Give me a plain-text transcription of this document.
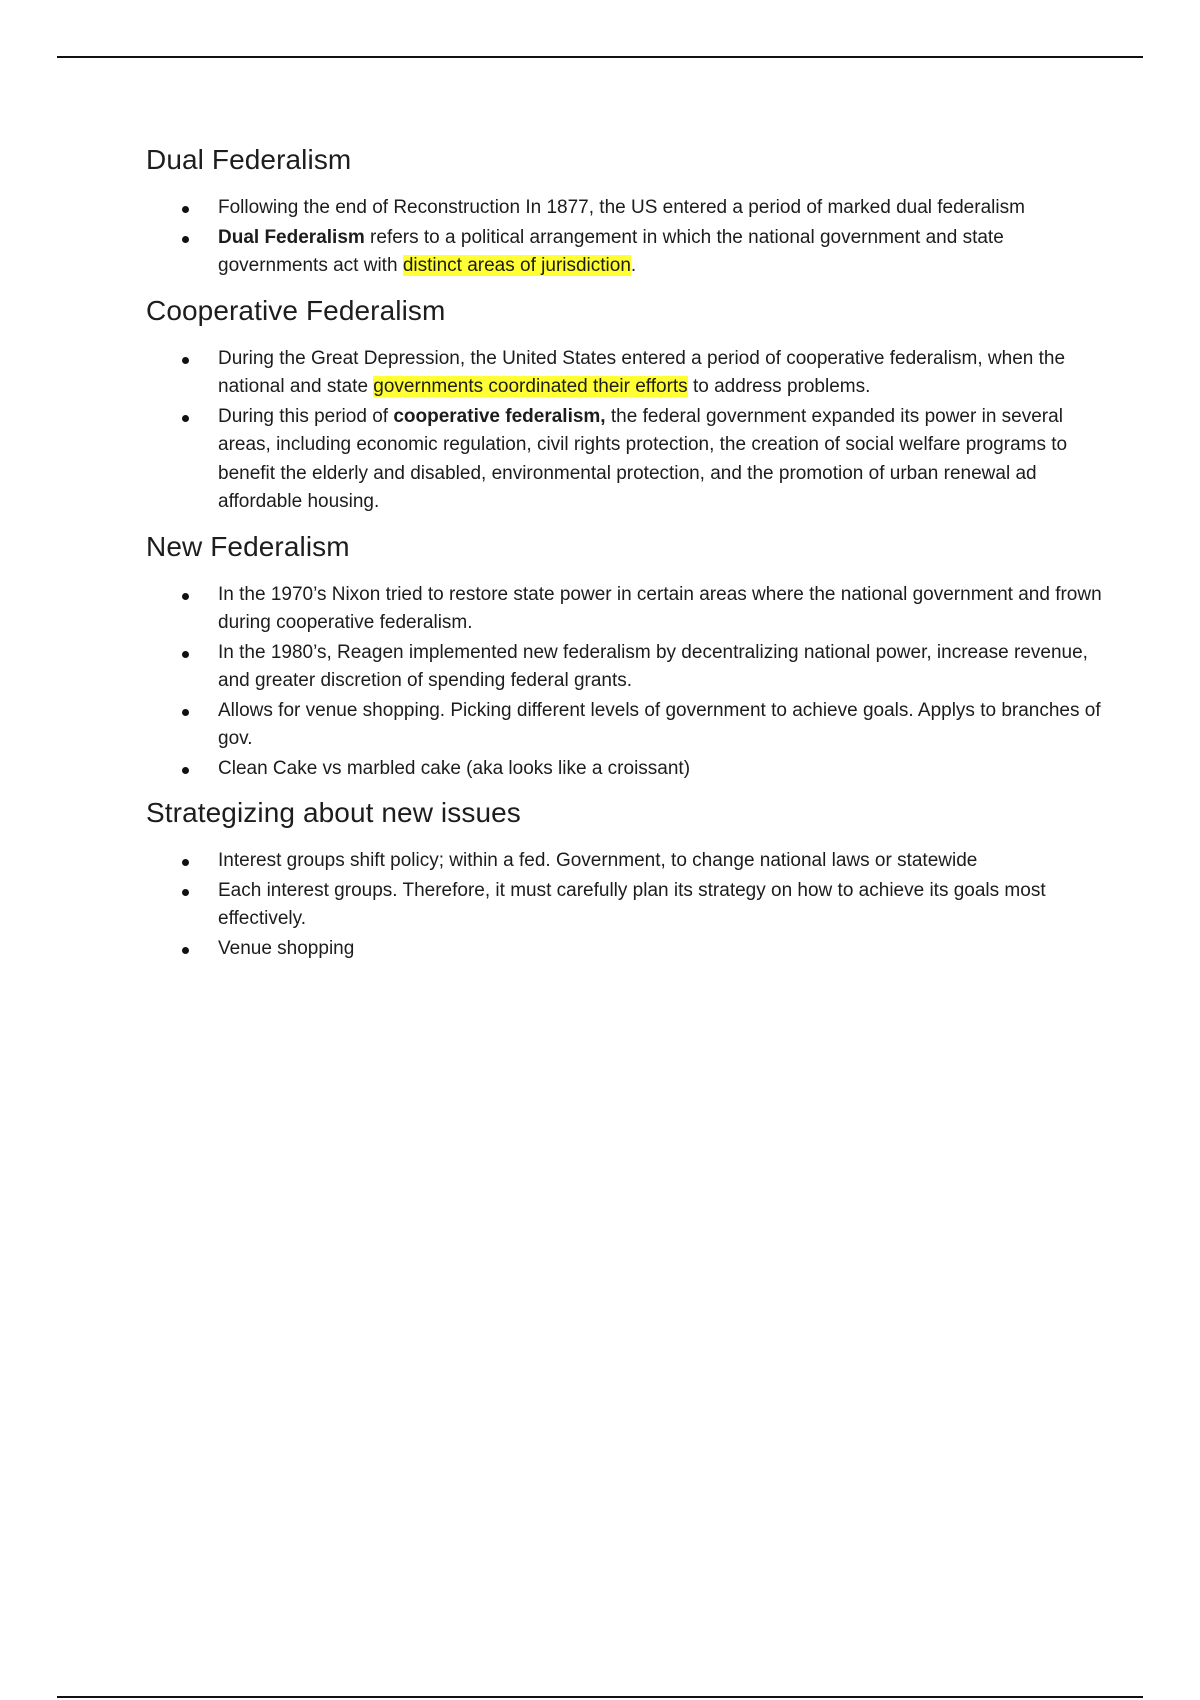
Dual Federalism
Following the end of Reconstruction In 1877, the US entered a period of marked dual federalism
Dual Federalism refers to a political arrangement in which the national government and state governments act with distinct areas of jurisdiction.
Cooperative Federalism
During the Great Depression, the United States entered a period of cooperative federalism, when the national and state governments coordinated their efforts to address problems.
During this period of cooperative federalism, the federal government expanded its power in several areas, including economic regulation, civil rights protection, the creation of social welfare programs to benefit the elderly and disabled, environmental protection, and the promotion of urban renewal ad affordable housing.
New Federalism
In the 1970’s Nixon tried to restore state power in certain areas where the national government and frown during cooperative federalism.
In the 1980’s, Reagen implemented new federalism by decentralizing national power, increase revenue, and greater discretion of spending federal grants.
Allows for venue shopping. Picking different levels of government to achieve goals. Applys to branches of gov.
Clean Cake vs marbled cake (aka looks like a croissant)
Strategizing about new issues
Interest groups shift policy; within a fed. Government, to change national laws or statewide
Each interest groups. Therefore, it must carefully plan its strategy on how to achieve its goals most effectively.
Venue shopping
